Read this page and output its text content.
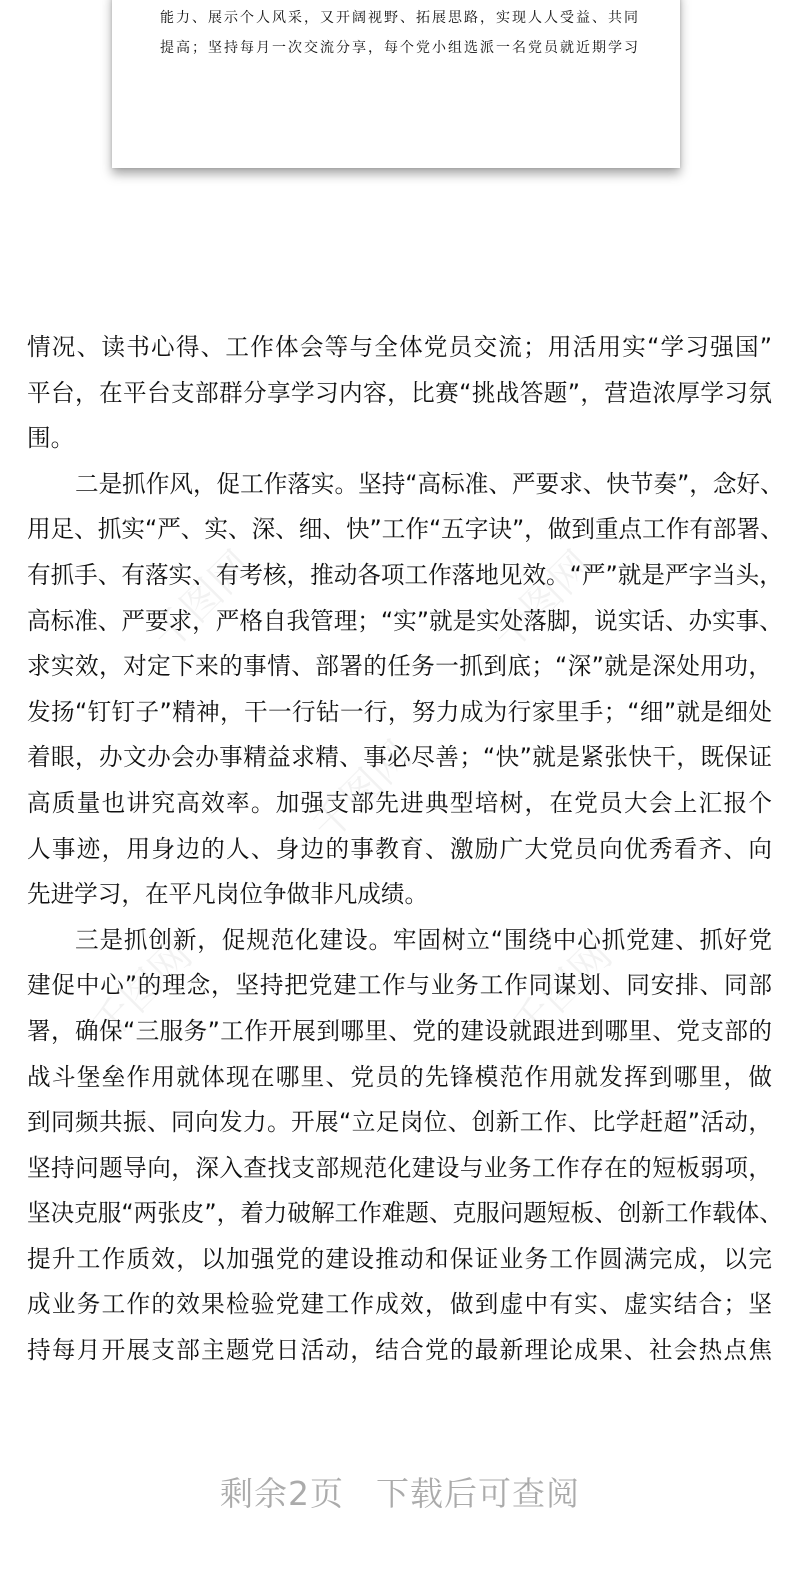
能力、展示个人风采，又开阔视野、拓展思路，实现人人受益、共同
提高；坚持每月一次交流分享，每个党小组选派一名党员就近期学习
千图网	千图网
千图网
千图网	千图网
情况、读书心得、工作体会等与全体党员交流；用活用实“学习强国”
平台，在平台支部群分享学习内容，比赛“挑战答题”，营造浓厚学习氛
围。
二是抓作风，促工作落实。坚持“高标准、严要求、快节奏”，念好、
用足、抓实“严、实、深、细、快”工作“五字诀”，做到重点工作有部署、
有抓手、有落实、有考核，推动各项工作落地见效。“严”就是严字当头，
高标准、严要求，严格自我管理；“实”就是实处落脚，说实话、办实事、
求实效，对定下来的事情、部署的任务一抓到底；“深”就是深处用功，
发扬“钉钉子”精神，干一行钻一行，努力成为行家里手；“细”就是细处
着眼，办文办会办事精益求精、事必尽善；“快”就是紧张快干，既保证
高质量也讲究高效率。加强支部先进典型培树，在党员大会上汇报个
人事迹，用身边的人、身边的事教育、激励广大党员向优秀看齐、向
先进学习，在平凡岗位争做非凡成绩。
三是抓创新，促规范化建设。牢固树立“围绕中心抓党建、抓好党
建促中心”的理念，坚持把党建工作与业务工作同谋划、同安排、同部
署，确保“三服务”工作开展到哪里、党的建设就跟进到哪里、党支部的
战斗堡垒作用就体现在哪里、党员的先锋模范作用就发挥到哪里，做
到同频共振、同向发力。开展“立足岗位、创新工作、比学赶超”活动，
坚持问题导向，深入查找支部规范化建设与业务工作存在的短板弱项，
坚决克服“两张皮”，着力破解工作难题、克服问题短板、创新工作载体、
提升工作质效，以加强党的建设推动和保证业务工作圆满完成，以完
成业务工作的效果检验党建工作成效，做到虚中有实、虚实结合；坚
持每月开展支部主题党日活动，结合党的最新理论成果、社会热点焦
剩余2页 下载后可查阅
